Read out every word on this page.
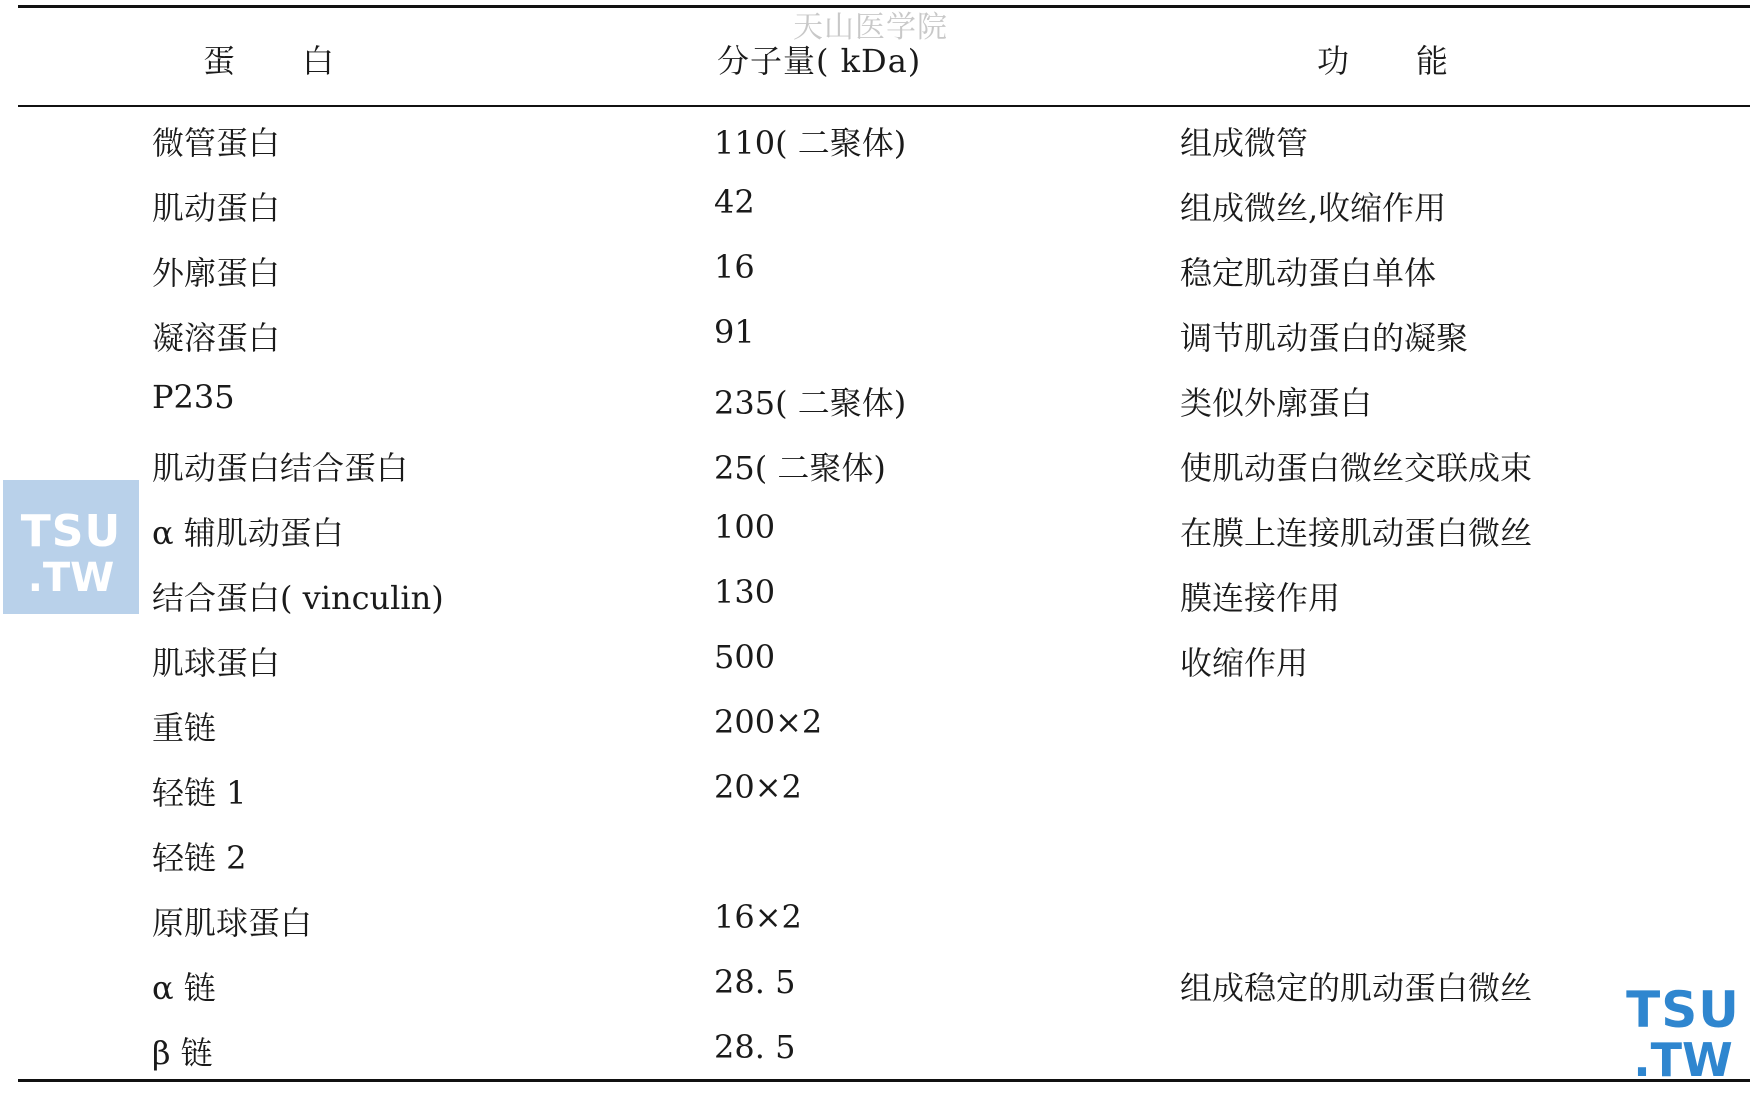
天山医学院
蛋　　白	分子量( kDa)	功　　能
微管蛋白	110( 二聚体)	组成微管
肌动蛋白	42	组成微丝,收缩作用
外廓蛋白	16	稳定肌动蛋白单体
凝溶蛋白	91	调节肌动蛋白的凝聚
P235	235( 二聚体)	类似外廓蛋白
肌动蛋白结合蛋白	25( 二聚体)	使肌动蛋白微丝交联成束
α 辅肌动蛋白	100	在膜上连接肌动蛋白微丝
结合蛋白( vinculin)	130	膜连接作用
肌球蛋白	500	收缩作用
重链	200×2
轻链 1	20×2
轻链 2
原肌球蛋白	16×2
α 链	28. 5	组成稳定的肌动蛋白微丝
β 链	28. 5
TSU
.TW
TSU
.TW
